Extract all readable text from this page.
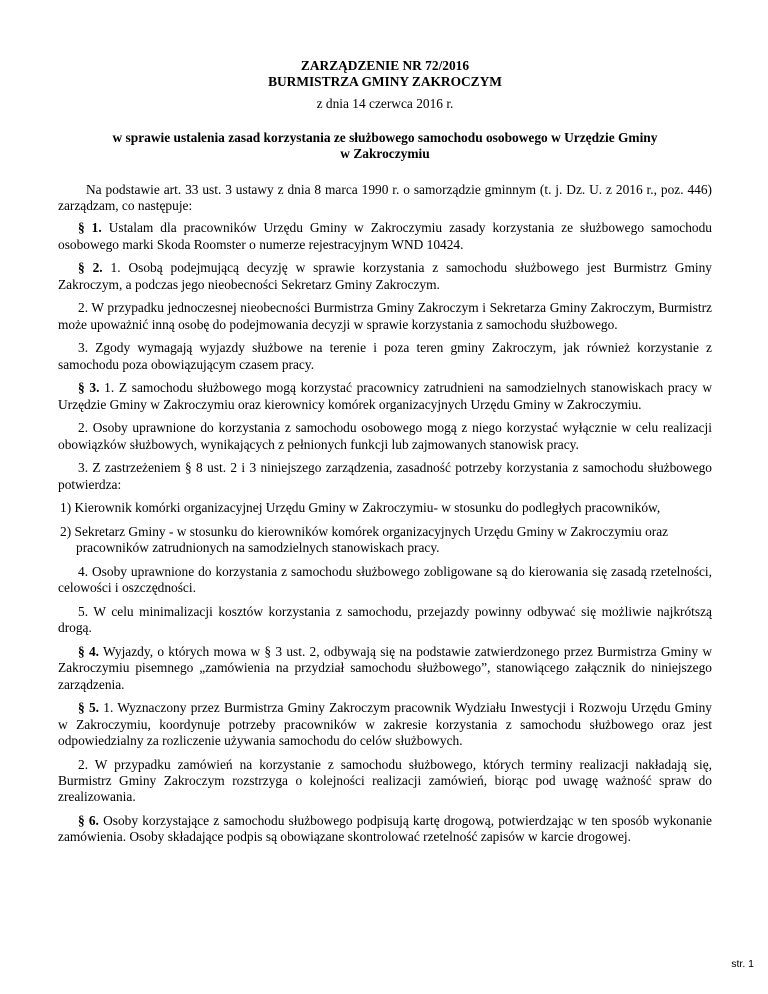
ZARZĄDZENIE NR 72/2016

BURMISTRZA GMINY ZAKROCZYM

z dnia 14 czerwca 2016 r.
w sprawie ustalenia zasad korzystania ze służbowego samochodu osobowego w Urzędzie Gminy
w Zakroczymiu

Na podstawie art. 33 ust. 3 ustawy z dnia 8 marca 1990 r. o samorządzie gminnym (t. j. Dz. U. z 2016 r., poz. 446) zarządzam, co następuje:

§ 1. Ustalam dla pracowników Urzędu Gminy w Zakroczymiu zasady korzystania ze służbowego samochodu osobowego marki Skoda Roomster o numerze rejestracyjnym WND 10424.

§ 2. 1. Osobą podejmującą decyzję w sprawie korzystania z samochodu służbowego jest Burmistrz Gminy Zakroczym, a podczas jego nieobecności Sekretarz Gminy Zakroczym.

2. W przypadku jednoczesnej nieobecności Burmistrza Gminy Zakroczym i Sekretarza Gminy Zakroczym, Burmistrz może upoważnić inną osobę do podejmowania decyzji w sprawie korzystania z samochodu służbowego.

3. Zgody wymagają wyjazdy służbowe na terenie i poza teren gminy Zakroczym, jak również korzystanie z samochodu poza obowiązującym czasem pracy.

§ 3. 1. Z samochodu służbowego mogą korzystać pracownicy zatrudnieni na samodzielnych stanowiskach pracy w Urzędzie Gminy w Zakroczymiu oraz kierownicy komórek organizacyjnych Urzędu Gminy w Zakroczymiu.

2. Osoby uprawnione do korzystania z samochodu osobowego mogą z niego korzystać wyłącznie w celu realizacji obowiązków służbowych, wynikających z pełnionych funkcji lub zajmowanych stanowisk pracy.

3. Z zastrzeżeniem § 8 ust. 2 i 3 niniejszego zarządzenia, zasadność potrzeby korzystania z samochodu służbowego potwierdza:

1) Kierownik komórki organizacyjnej Urzędu Gminy w Zakroczymiu- w stosunku do podległych pracowników,

2) Sekretarz Gminy - w stosunku do kierowników komórek organizacyjnych Urzędu Gminy w Zakroczymiu oraz pracowników zatrudnionych na samodzielnych stanowiskach pracy.

4. Osoby uprawnione do korzystania z samochodu służbowego zobligowane są do kierowania się zasadą rzetelności, celowości i oszczędności.

5. W celu minimalizacji kosztów korzystania z samochodu, przejazdy powinny odbywać się możliwie najkrótszą drogą.

§ 4. Wyjazdy, o których mowa w § 3 ust. 2, odbywają się na podstawie zatwierdzonego przez Burmistrza Gminy w Zakroczymiu pisemnego „zamówienia na przydział samochodu służbowego”, stanowiącego załącznik do niniejszego zarządzenia.

§ 5. 1. Wyznaczony przez Burmistrza Gminy Zakroczym pracownik Wydziału Inwestycji i Rozwoju Urzędu Gminy w Zakroczymiu, koordynuje potrzeby pracowników w zakresie korzystania z samochodu służbowego oraz jest odpowiedzialny za rozliczenie używania samochodu do celów służbowych.

2. W przypadku zamówień na korzystanie z samochodu służbowego, których terminy realizacji nakładają się, Burmistrz Gminy Zakroczym rozstrzyga o kolejności realizacji zamówień, biorąc pod uwagę ważność spraw do zrealizowania.

§ 6. Osoby korzystające z samochodu służbowego podpisują kartę drogową, potwierdzając w ten sposób wykonanie zamówienia. Osoby składające podpis są obowiązane skontrolować rzetelność zapisów w karcie drogowej.

str. 1
